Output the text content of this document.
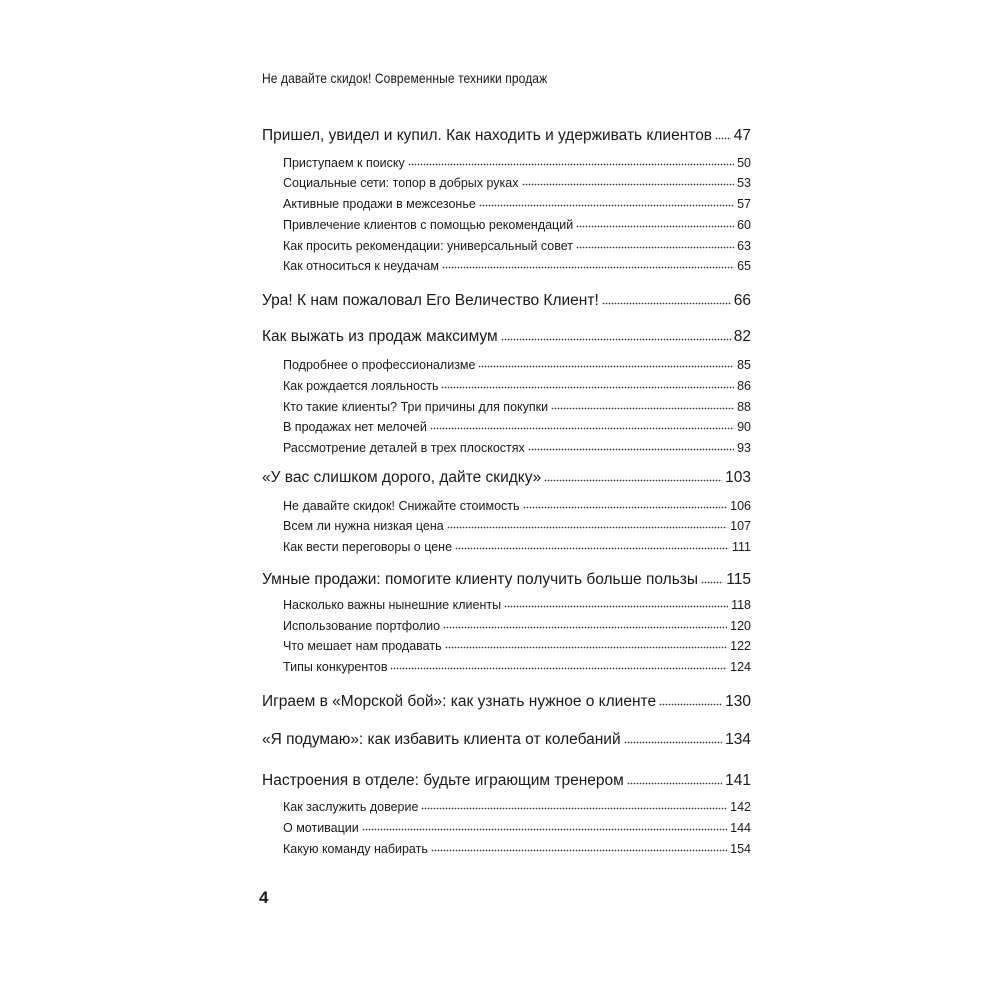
Не давайте скидок! Современные техники продаж
Пришел, увидел и купил. Как находить и удерживать клиентов 47
Приступаем к поиску	50
Социальные сети: топор в добрых руках	53
Активные продажи в межсезонье	57
Привлечение клиентов с помощью рекомендаций	60
Как просить рекомендации: универсальный совет	63
Как относиться к неудачам	65
Ура! К нам пожаловал Его Величество Клиент!	66
Как выжать из продаж максимум	82
Подробнее о профессионализме	85
Как рождается лояльность	86
Кто такие клиенты? Три причины для покупки	88
В продажах нет мелочей	90
Рассмотрение деталей в трех плоскостях	93
«У вас слишком дорого, дайте скидку»	103
Не давайте скидок! Снижайте стоимость	106
Всем ли нужна низкая цена	107
Как вести переговоры о цене	111
Умные продажи: помогите клиенту получить больше пользы 115
Насколько важны нынешние клиенты	118
Использование портфолио	120
Что мешает нам продавать	122
Типы конкурентов	124
Играем в «Морской бой»: как узнать нужное о клиенте	130
«Я подумаю»: как избавить клиента от колебаний	134
Настроения в отделе: будьте играющим тренером	141
Как заслужить доверие	142
О мотивации	144
Какую команду набирать	154
4
